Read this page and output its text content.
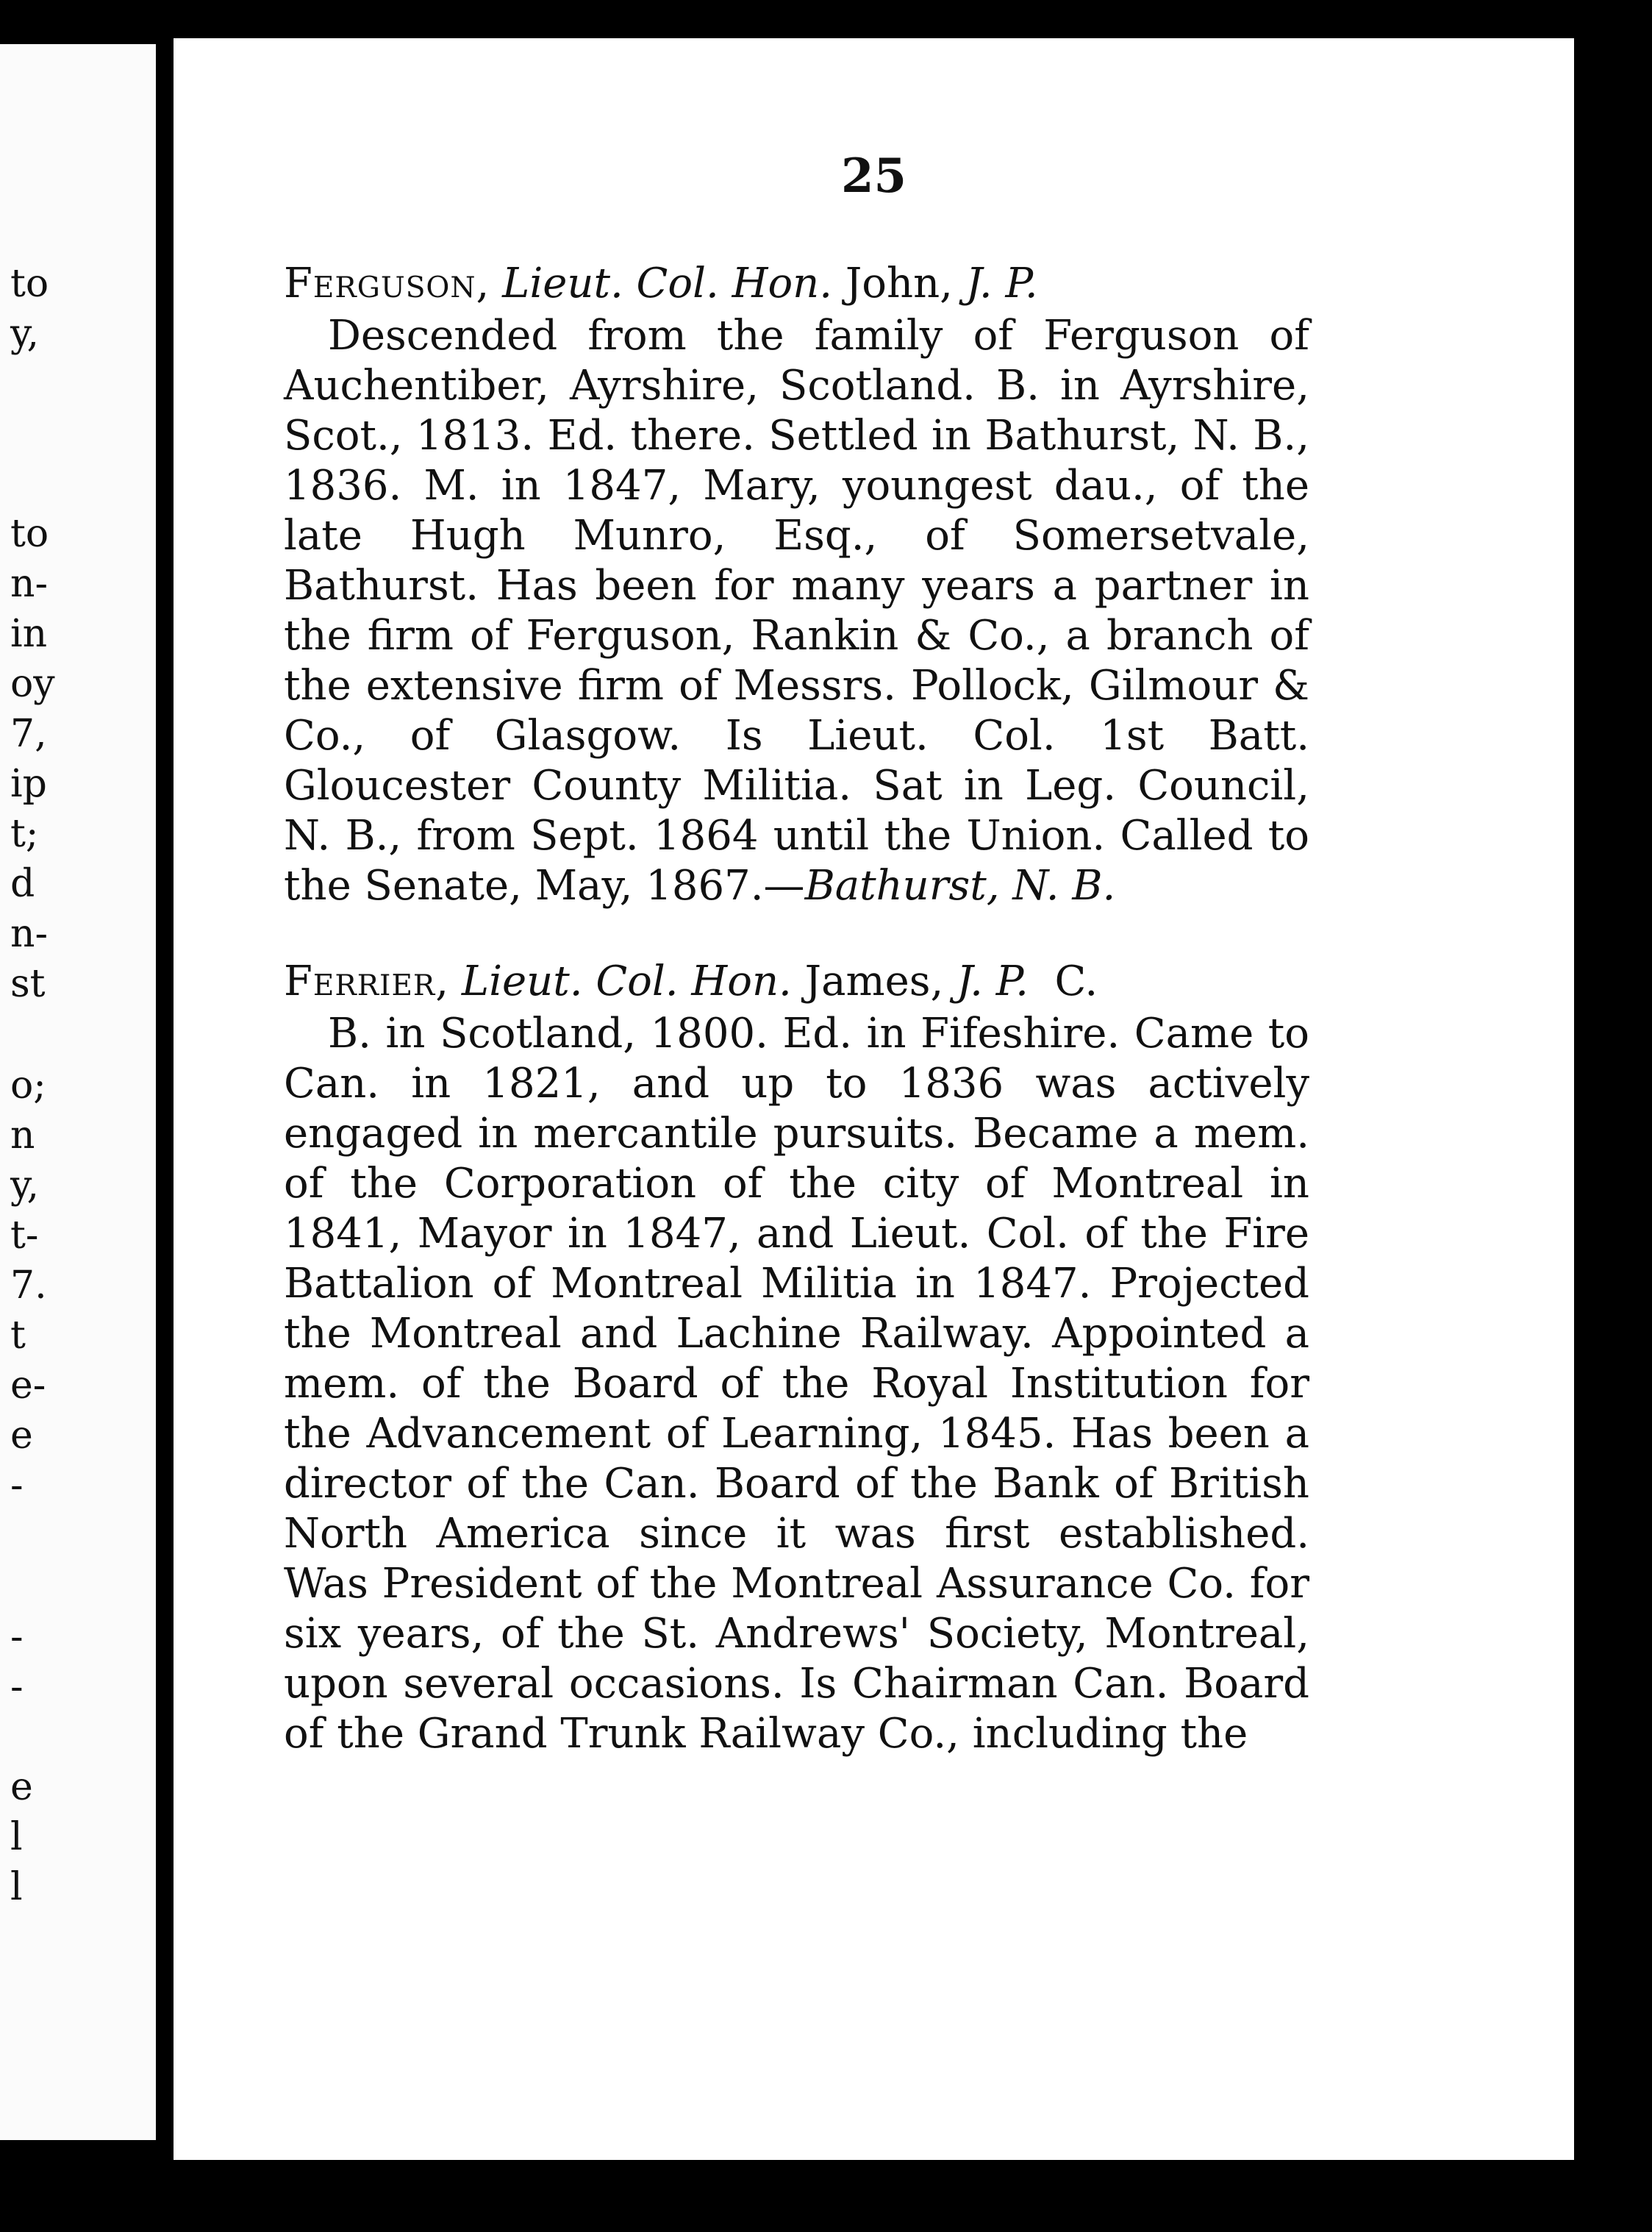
to
y,
to
n-
in
oy
7,
ip
t;
d
n-
st
o;
n
y,
t-
7.
t
e-
e
-
-
-
e
l
l
25

Ferguson, Lieut. Col. Hon. John, J. P.

Descended from the family of Ferguson of Auchentiber, Ayrshire, Scotland. B. in Ayrshire, Scot., 1813. Ed. there. Settled in Bathurst, N. B., 1836. M. in 1847, Mary, youngest dau., of the late Hugh Munro, Esq., of Somersetvale, Bathurst. Has been for many years a partner in the firm of Ferguson, Rankin & Co., a branch of the extensive firm of Messrs. Pollock, Gilmour & Co., of Glasgow. Is Lieut. Col. 1st Batt. Gloucester County Militia. Sat in Leg. Council, N. B., from Sept. 1864 until the Union. Called to the Senate, May, 1867.—Bathurst, N. B.

Ferrier, Lieut. Col. Hon. James, J. P. C.

B. in Scotland, 1800. Ed. in Fifeshire. Came to Can. in 1821, and up to 1836 was actively engaged in mercantile pursuits. Became a mem. of the Corporation of the city of Montreal in 1841, Mayor in 1847, and Lieut. Col. of the Fire Battalion of Montreal Militia in 1847. Projected the Montreal and Lachine Railway. Appointed a mem. of the Board of the Royal Institution for the Advancement of Learning, 1845. Has been a director of the Can. Board of the Bank of British North America since it was first established. Was President of the Montreal Assurance Co. for six years, of the St. Andrews' Society, Montreal, upon several occasions. Is Chairman Can. Board of the Grand Trunk Railway Co., including the
